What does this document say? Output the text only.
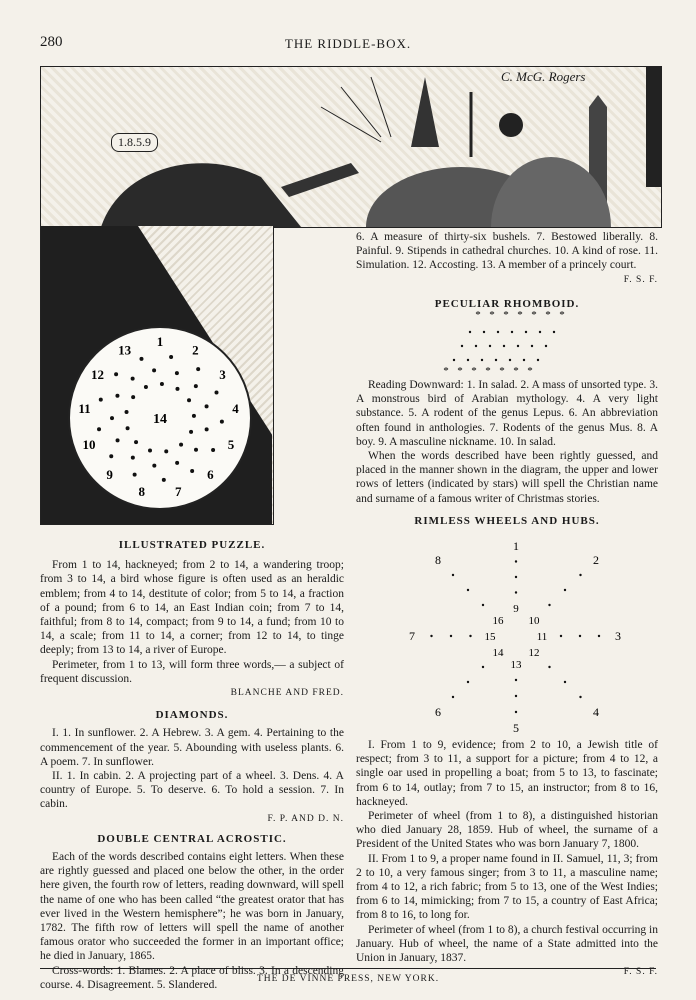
280	THE RIDDLE-BOX.
C. McG. Rogers
1.8.5.9
1
2
3
4
5
6
7
8
9
10
11
12
13
14

6. A measure of thirty-six bushels. 7. Bestowed liberally. 8. Painful. 9. Stipends in cathedral churches. 10. A kind of rose. 11. Simulation. 12. Accosting. 13. A member of a princely court.

F. S. F.
PECULIAR RHOMBOID.
* * * * * * *
* * * * * * *

Reading Downward: 1. In salad. 2. A mass of unsorted type. 3. A monstrous bird of Arabian mythology. 4. A very light substance. 5. A rodent of the genus Lepus. 6. An abbreviation often found in anthologies. 7. Rodents of the genus Mus. 8. A boy. 9. A masculine nickname. 10. In salad.

When the words described have been rightly guessed, and placed in the manner shown in the diagram, the upper and lower rows of letters (indicated by stars) will spell the Christian name and surname of a famous writer of Christmas stories.

RIMLESS WHEELS AND HUBS.
1
2
3
4
5
6
7
8
9
10
11
12
13
14
15
16

I. From 1 to 9, evidence; from 2 to 10, a Jewish title of respect; from 3 to 11, a support for a picture; from 4 to 12, a single oar used in propelling a boat; from 5 to 13, to fascinate; from 6 to 14, outlay; from 7 to 15, an instructor; from 8 to 16, hackneyed.

Perimeter of wheel (from 1 to 8), a distinguished historian who died January 28, 1859. Hub of wheel, the surname of a President of the United States who was born January 7, 1800.

II. From 1 to 9, a proper name found in II. Samuel, 11, 3; from 2 to 10, a very famous singer; from 3 to 11, a masculine name; from 4 to 12, a rich fabric; from 5 to 13, one of the West Indies; from 6 to 14, mimicking; from 7 to 15, a country of East Africa; from 8 to 16, to long for.

Perimeter of wheel (from 1 to 8), a church festival occurring in January. Hub of wheel, the name of a State admitted into the Union in January, 1837.

F. S. F.
ILLUSTRATED PUZZLE.

From 1 to 14, hackneyed; from 2 to 14, a wandering troop; from 3 to 14, a bird whose figure is often used as an heraldic emblem; from 4 to 14, destitute of color; from 5 to 14, a fraction of a pound; from 6 to 14, an East Indian coin; from 7 to 14, faithful; from 8 to 14, compact; from 9 to 14, a fund; from 10 to 14, a scale; from 11 to 14, a corner; from 12 to 14, to tinge deeply; from 13 to 14, a river of Europe.

Perimeter, from 1 to 13, will form three words,— a subject of frequent discussion.

BLANCHE AND FRED.
DIAMONDS.

I. 1. In sunflower. 2. A Hebrew. 3. A gem. 4. Pertaining to the commencement of the year. 5. Abounding with useless plants. 6. A poem. 7. In sunflower.

II. 1. In cabin. 2. A projecting part of a wheel. 3. Dens. 4. A country of Europe. 5. To deserve. 6. To hold a session. 7. In cabin.

F. P. AND D. N.
DOUBLE CENTRAL ACROSTIC.

Each of the words described contains eight letters. When these are rightly guessed and placed one below the other, in the order here given, the fourth row of letters, reading downward, will spell the name of one who has been called “the greatest orator that has ever lived in the Western hemisphere”; he was born in January, 1782. The fifth row of letters will spell the name of another famous orator who succeeded the former in an important office; he died in January, 1865.

Cross-words: 1. Blames. 2. A place of bliss. 3. In a descending course. 4. Disagreement. 5. Slandered.	THE DE VINNE PRESS, NEW YORK.
